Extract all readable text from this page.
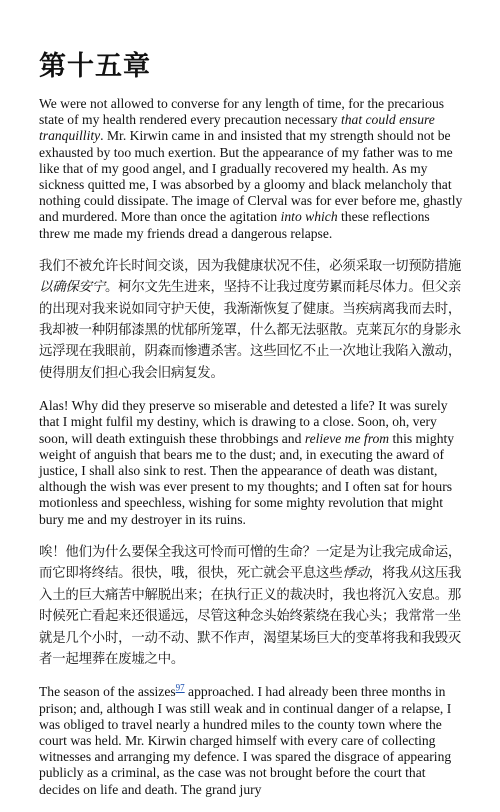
第十五章

We were not allowed to converse for any length of time, for the precarious state of my health rendered every precaution necessary that could ensure tranquillity. Mr. Kirwin came in and insisted that my strength should not be exhausted by too much exertion. But the appearance of my father was to me like that of my good angel, and I gradually recovered my health. As my sickness quitted me, I was absorbed by a gloomy and black melancholy that nothing could dissipate. The image of Clerval was for ever before me, ghastly and murdered. More than once the agitation into which these reflections threw me made my friends dread a dangerous relapse.

我们不被允许长时间交谈，因为我健康状况不佳，必须采取一切预防措施以确保安宁。柯尔文先生进来，坚持不让我过度劳累而耗尽体力。但父亲的出现对我来说如同守护天使，我渐渐恢复了健康。当疾病离我而去时，我却被一种阴郁漆黑的忧郁所笼罩，什么都无法驱散。克莱瓦尔的身影永远浮现在我眼前，阴森而惨遭杀害。这些回忆不止一次地让我陷入激动，使得朋友们担心我会旧病复发。

Alas! Why did they preserve so miserable and detested a life? It was surely that I might fulfil my destiny, which is drawing to a close. Soon, oh, very soon, will death extinguish these throbbings and relieve me from this mighty weight of anguish that bears me to the dust; and, in executing the award of justice, I shall also sink to rest. Then the appearance of death was distant, although the wish was ever present to my thoughts; and I often sat for hours motionless and speechless, wishing for some mighty revolution that might bury me and my destroyer in its ruins.

唉！他们为什么要保全我这可怜而可憎的生命？一定是为让我完成命运，而它即将终结。很快，哦，很快，死亡就会平息这些悸动，将我从这压我入土的巨大痛苦中解脱出来；在执行正义的裁决时，我也将沉入安息。那时候死亡看起来还很遥远，尽管这种念头始终萦绕在我心头；我常常一坐就是几个小时，一动不动、默不作声，渴望某场巨大的变革将我和我毁灭者一起埋葬在废墟之中。

The season of the assizes$^{97}$ approached. I had already been three months in prison; and, although I was still weak and in continual danger of a relapse, I was obliged to travel nearly a hundred miles to the county town where the court was held. Mr. Kirwin charged himself with every care of collecting witnesses and arranging my defence. I was spared the disgrace of appearing publicly as a criminal, as the case was not brought before the court that decides on life and death. The grand jury
